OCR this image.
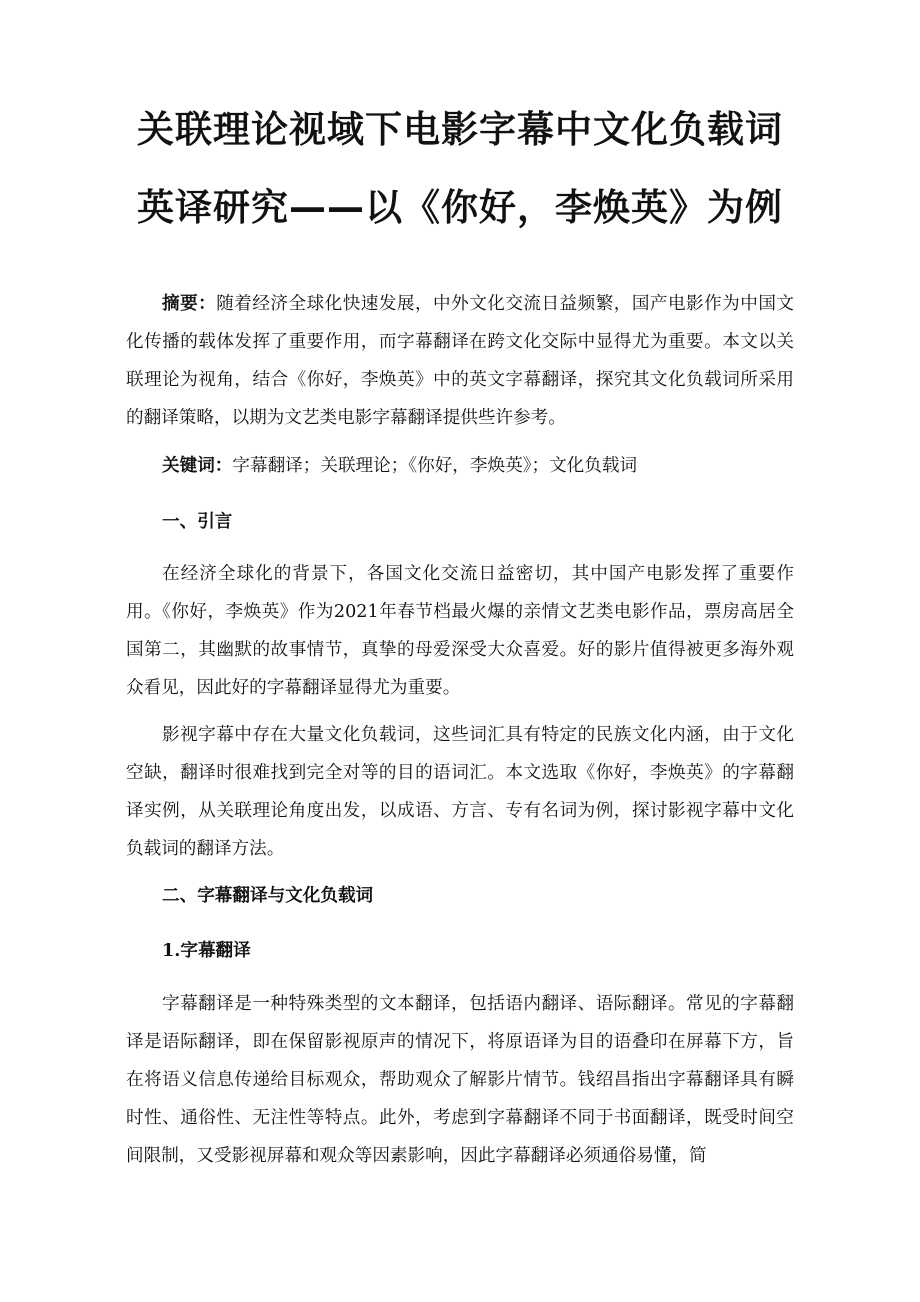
关联理论视域下电影字幕中文化负载词
英译研究——以《你好，李焕英》为例

摘要：随着经济全球化快速发展，中外文化交流日益频繁，国产电影作为中国文化传播的载体发挥了重要作用，而字幕翻译在跨文化交际中显得尤为重要。本文以关联理论为视角，结合《你好，李焕英》中的英文字幕翻译，探究其文化负载词所采用的翻译策略，以期为文艺类电影字幕翻译提供些许参考。

关键词：字幕翻译；关联理论；《你好，李焕英》；文化负载词

一、引言

在经济全球化的背景下，各国文化交流日益密切，其中国产电影发挥了重要作用。《你好，李焕英》作为2021年春节档最火爆的亲情文艺类电影作品，票房高居全国第二，其幽默的故事情节，真挚的母爱深受大众喜爱。好的影片值得被更多海外观众看见，因此好的字幕翻译显得尤为重要。

影视字幕中存在大量文化负载词，这些词汇具有特定的民族文化内涵，由于文化空缺，翻译时很难找到完全对等的目的语词汇。本文选取《你好，李焕英》的字幕翻译实例，从关联理论角度出发，以成语、方言、专有名词为例，探讨影视字幕中文化负载词的翻译方法。

二、字幕翻译与文化负载词
1.字幕翻译

字幕翻译是一种特殊类型的文本翻译，包括语内翻译、语际翻译。常见的字幕翻译是语际翻译，即在保留影视原声的情况下，将原语译为目的语叠印在屏幕下方，旨在将语义信息传递给目标观众，帮助观众了解影片情节。钱绍昌指出字幕翻译具有瞬时性、通俗性、无注性等特点。此外，考虑到字幕翻译不同于书面翻译，既受时间空间限制，又受影视屏幕和观众等因素影响，因此字幕翻译必须通俗易懂，简
